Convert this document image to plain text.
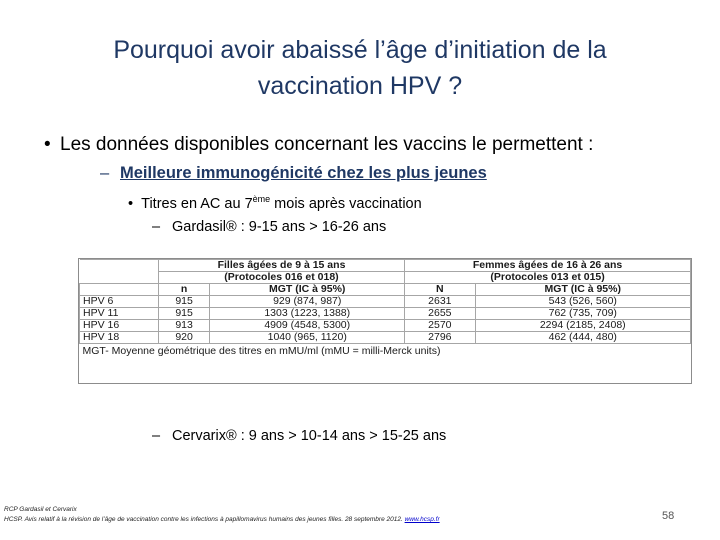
Pourquoi avoir abaissé l’âge d’initiation de la
vaccination HPV ?
• Les données disponibles concernant les vaccins le permettent :
– Meilleure immunogénicité chez les plus jeunes
•  Titres en AC au 7ème mois après vaccination
– Gardasil® : 9-15 ans > 16-26 ans
	Filles âgées de 9 à 15 ans		Femmes âgées de 16 à 26 ans	
	(Protocoles 016 et 018)		(Protocoles 013 et 015)	
	n	MGT (IC à 95%)	N	MGT (IC à 95%)
HPV 6	915	929 (874, 987)	2631	543 (526, 560)
HPV 11	915	1303 (1223, 1388)	2655	762 (735, 709)
HPV 16	913	4909 (4548, 5300)	2570	2294 (2185, 2408)
HPV 18	920	1040 (965, 1120)	2796	462 (444, 480)
MGT- Moyenne géométrique des titres en mMU/ml (mMU = milli-Merck units)				
– Cervarix® : 9 ans > 10-14 ans > 15-25 ans
RCP Gardasil et Cervarix
HCSP. Avis relatif à la révision de l’âge de vaccination contre les infections à papillomavirus humains des jeunes filles. 28 septembre 2012. www.hcsp.fr	58
